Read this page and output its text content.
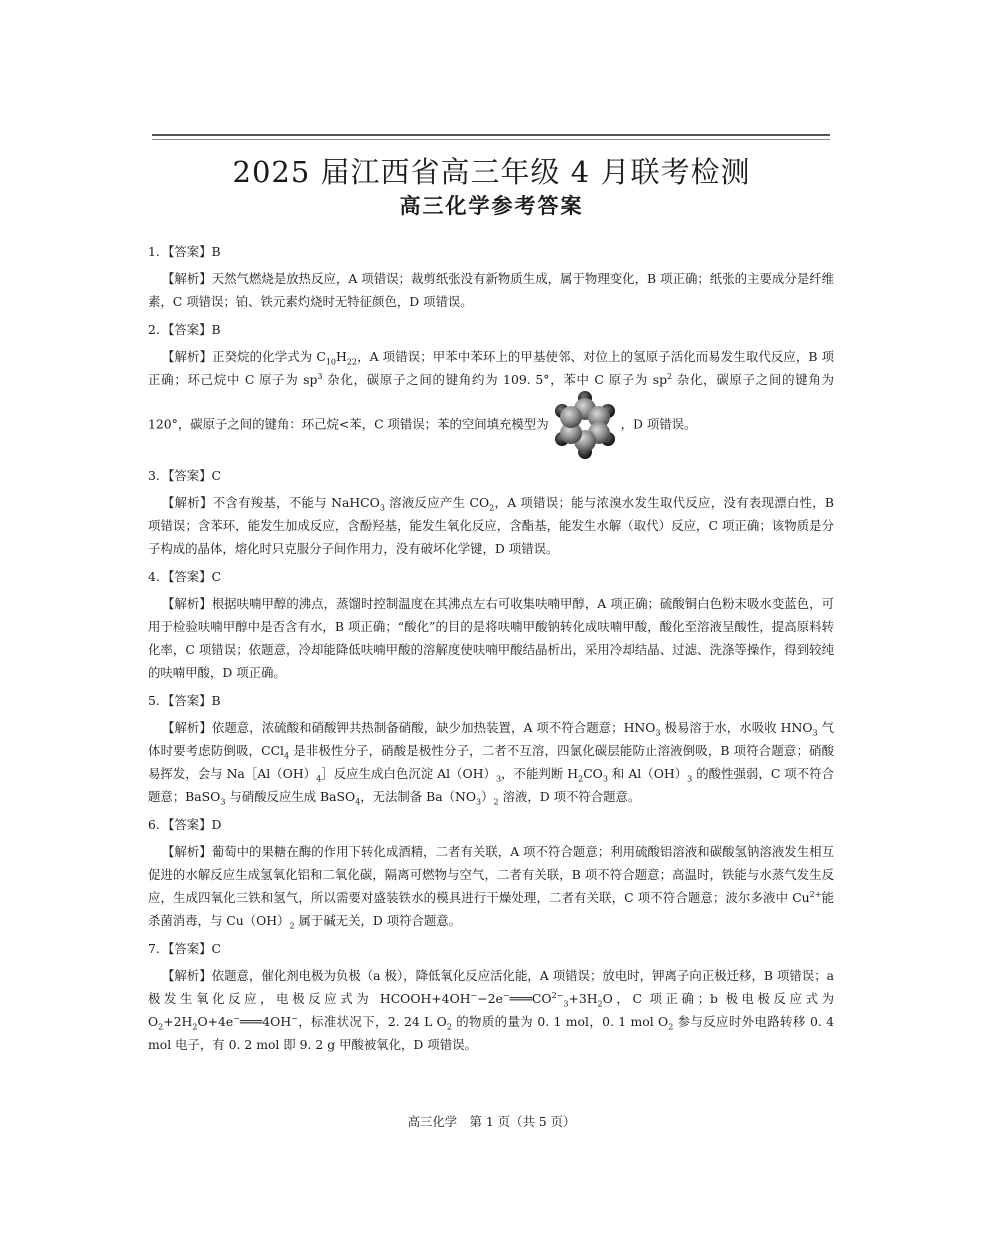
2025 届江西省高三年级 4 月联考检测
高三化学参考答案

1. 【答案】B

【解析】天然气燃烧是放热反应，A 项错误；裁剪纸张没有新物质生成，属于物理变化，B 项正确；纸张的主要成分是纤维素，C 项错误；铂、铁元素灼烧时无特征颜色，D 项错误。

2. 【答案】B

【解析】正癸烷的化学式为 $C_{10}H_{22}$，A 项错误；甲苯中苯环上的甲基使邻、对位上的氢原子活化而易发生取代反应，B 项正确；环己烷中 C 原子为 $sp^3$ 杂化，碳原子之间的键角约为 109. 5°，苯中 C 原子为 $sp^2$ 杂化，碳原子之间的键角为 120°，碳原子之间的键角：环己烷<苯，C 项错误；苯的空间填充模型为	，D 项错误。

3. 【答案】C

【解析】不含有羧基，不能与 NaHCO$_3$ 溶液反应产生 $CO_2$，A 项错误；能与浓溴水发生取代反应，没有表现漂白性，B 项错误；含苯环，能发生加成反应，含酚羟基，能发生氧化反应，含酯基，能发生水解（取代）反应，C 项正确；该物质是分子构成的晶体，熔化时只克服分子间作用力，没有破坏化学键，D 项错误。

4. 【答案】C

【解析】根据呋喃甲醇的沸点，蒸馏时控制温度在其沸点左右可收集呋喃甲醇，A 项正确；硫酸铜白色粉末吸水变蓝色，可用于检验呋喃甲醇中是否含有水，B 项正确；“酸化”的目的是将呋喃甲酸钠转化成呋喃甲酸，酸化至溶液呈酸性，提高原料转化率，C 项错误；依题意，冷却能降低呋喃甲酸的溶解度使呋喃甲酸结晶析出，采用冷却结晶、过滤、洗涤等操作，得到较纯的呋喃甲酸，D 项正确。

5. 【答案】B

【解析】依题意，浓硫酸和硝酸钾共热制备硝酸，缺少加热装置，A 项不符合题意；$HNO_3$ 极易溶于水，水吸收 $HNO_3$ 气体时要考虑防倒吸，CCl$_4$ 是非极性分子，硝酸是极性分子，二者不互溶，四氯化碳层能防止溶液倒吸，B 项符合题意；硝酸易挥发，会与 $Na[Al(OH)_4]$反应生成白色沉淀 $Al(OH)_3$，不能判断 $H_2CO_3$ 和 $Al(OH)_3$ 的酸性强弱，C 项不符合题意；BaSO$_3$ 与硝酸反应生成 BaSO$_4$，无法制备 $Ba(NO_3)_2$ 溶液，D 项不符合题意。

6. 【答案】D

【解析】葡萄中的果糖在酶的作用下转化成酒精，二者有关联，A 项不符合题意；利用硫酸铝溶液和碳酸氢钠溶液发生相互促进的水解反应生成氢氧化铝和二氧化碳，隔离可燃物与空气，二者有关联，B 项不符合题意；高温时，铁能与水蒸气发生反应，生成四氧化三铁和氢气，所以需要对盛装铁水的模具进行干燥处理，二者有关联，C 项不符合题意；波尔多液中 $Cu^{2+}$能杀菌消毒，与 $Cu(OH)_2$ 属于碱无关，D 项符合题意。

7. 【答案】C

【解析】依题意，催化剂电极为负极（a 极），降低氧化反应活化能，A 项错误；放电时，钾离子向正极迁移，B 项错误；a 极发生氧化反应，电极反应式为 $HCOOH+4OH^--2e^-═══CO^{2-}_3+3H_2O$，C 项正确；b 极电极反应式为 $O_2+2H_2O+4e^-═══4OH^-$，标准状况下，2. 24 L $O_2$ 的物质的量为 0. 1 mol，0. 1 mol $O_2$ 参与反应时外电路转移 0. 4 mol 电子，有 0. 2 mol 即 9. 2 g 甲酸被氧化，D 项错误。

高三化学　第 1 页（共 5 页）
